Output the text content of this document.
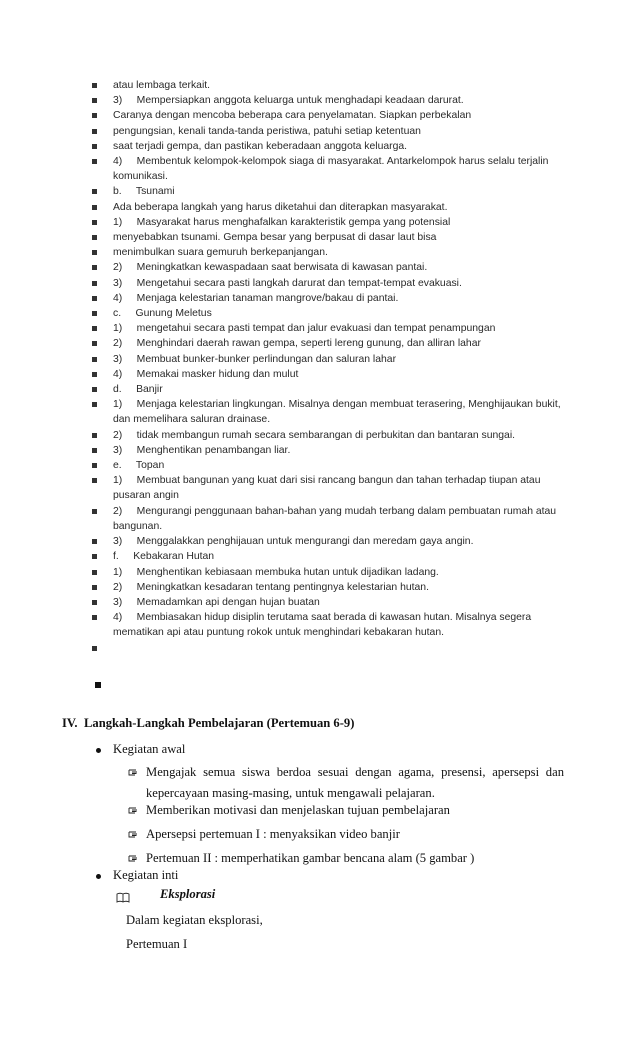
atau lembaga terkait.
3)     Mempersiapkan anggota keluarga untuk menghadapi keadaan darurat.
Caranya dengan mencoba beberapa cara penyelamatan. Siapkan perbekalan
pengungsian, kenali tanda-tanda peristiwa, patuhi setiap ketentuan
saat terjadi gempa, dan pastikan keberadaan anggota keluarga.
4)     Membentuk kelompok-kelompok siaga di masyarakat. Antarkelompok harus selalu terjalin komunikasi.
b.     Tsunami
Ada beberapa langkah yang harus diketahui dan diterapkan masyarakat.
1)     Masyarakat harus menghafalkan karakteristik gempa yang potensial
menyebabkan tsunami. Gempa besar yang berpusat di dasar laut bisa
menimbulkan suara gemuruh berkepanjangan.
2)     Meningkatkan kewaspadaan saat berwisata di kawasan pantai.
3)     Mengetahui secara pasti langkah darurat dan tempat-tempat evakuasi.
4)     Menjaga kelestarian tanaman mangrove/bakau di pantai.
c.     Gunung Meletus
1)     mengetahui secara pasti tempat dan jalur evakuasi dan tempat penampungan
2)     Menghindari daerah rawan gempa, seperti lereng gunung, dan alliran lahar
3)     Membuat bunker-bunker perlindungan dan saluran lahar
4)     Memakai masker hidung dan mulut
d.     Banjir
1)     Menjaga kelestarian lingkungan. Misalnya dengan membuat terasering, Menghijaukan bukit, dan memelihara saluran drainase.
2)     tidak membangun rumah secara sembarangan di perbukitan dan bantaran sungai.
3)     Menghentikan penambangan liar.
e.     Topan
1)     Membuat bangunan yang kuat dari sisi rancang bangun dan tahan terhadap tiupan atau pusaran angin
2)     Mengurangi penggunaan bahan-bahan yang mudah terbang dalam pembuatan rumah atau bangunan.
3)     Menggalakkan penghijauan untuk mengurangi dan meredam gaya angin.
f.     Kebakaran Hutan
1)     Menghentikan kebiasaan membuka hutan untuk dijadikan ladang.
2)     Meningkatkan kesadaran tentang pentingnya kelestarian hutan.
3)     Memadamkan api dengan hujan buatan
4)     Membiasakan hidup disiplin terutama saat berada di kawasan hutan. Misalnya segera mematikan api atau puntung rokok untuk menghindari kebakaran hutan.
IV. Langkah-Langkah Pembelajaran (Pertemuan 6-9)
Kegiatan awal
Mengajak semua siswa berdoa sesuai dengan agama, presensi, apersepsi dan
kepercayaan masing-masing, untuk mengawali pelajaran.
Memberikan motivasi dan menjelaskan tujuan pembelajaran
Apersepsi pertemuan I : menyaksikan video banjir
Pertemuan II : memperhatikan gambar bencana alam (5 gambar )
Kegiatan inti
Eksplorasi
Dalam kegiatan eksplorasi,
Pertemuan I
